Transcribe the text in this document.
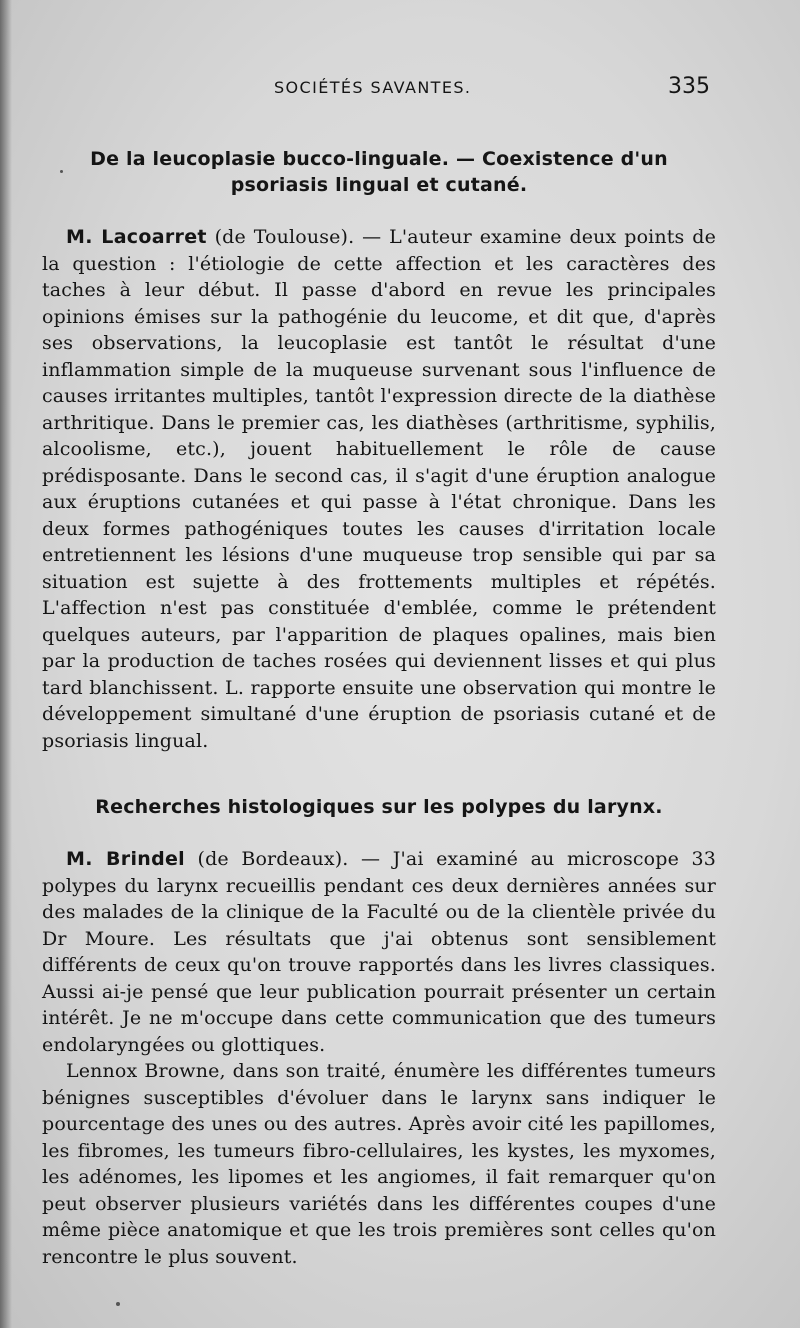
SOCIÉTÉS SAVANTES.	335
De la leucoplasie bucco-linguale. — Coexistence d'un psoriasis lingual et cutané.

M. Lacoarret (de Toulouse). — L'auteur examine deux points de la question : l'étiologie de cette affection et les caractères des taches à leur début. Il passe d'abord en revue les principales opinions émises sur la pathogénie du leucome, et dit que, d'après ses observations, la leucoplasie est tantôt le résultat d'une inflammation simple de la muqueuse survenant sous l'influence de causes irritantes multiples, tantôt l'expression directe de la diathèse arthritique. Dans le premier cas, les diathèses (arthritisme, syphilis, alcoolisme, etc.), jouent habituellement le rôle de cause prédisposante. Dans le second cas, il s'agit d'une éruption analogue aux éruptions cutanées et qui passe à l'état chronique. Dans les deux formes pathogéniques toutes les causes d'irritation locale entretiennent les lésions d'une muqueuse trop sensible qui par sa situation est sujette à des frottements multiples et répétés. L'affection n'est pas constituée d'emblée, comme le prétendent quelques auteurs, par l'apparition de plaques opalines, mais bien par la production de taches rosées qui deviennent lisses et qui plus tard blanchissent. L. rapporte ensuite une observation qui montre le développement simultané d'une éruption de psoriasis cutané et de psoriasis lingual.

Recherches histologiques sur les polypes du larynx.

M. Brindel (de Bordeaux). — J'ai examiné au microscope 33 polypes du larynx recueillis pendant ces deux dernières années sur des malades de la clinique de la Faculté ou de la clientèle privée du Dr Moure. Les résultats que j'ai obtenus sont sensiblement différents de ceux qu'on trouve rapportés dans les livres classiques. Aussi ai-je pensé que leur publication pourrait présenter un certain intérêt. Je ne m'occupe dans cette communication que des tumeurs endolaryngées ou glottiques.

Lennox Browne, dans son traité, énumère les différentes tumeurs bénignes susceptibles d'évoluer dans le larynx sans indiquer le pourcentage des unes ou des autres. Après avoir cité les papillomes, les fibromes, les tumeurs fibro-cellulaires, les kystes, les myxomes, les adénomes, les lipomes et les angiomes, il fait remarquer qu'on peut observer plusieurs variétés dans les différentes coupes d'une même pièce anatomique et que les trois premières sont celles qu'on rencontre le plus souvent.
